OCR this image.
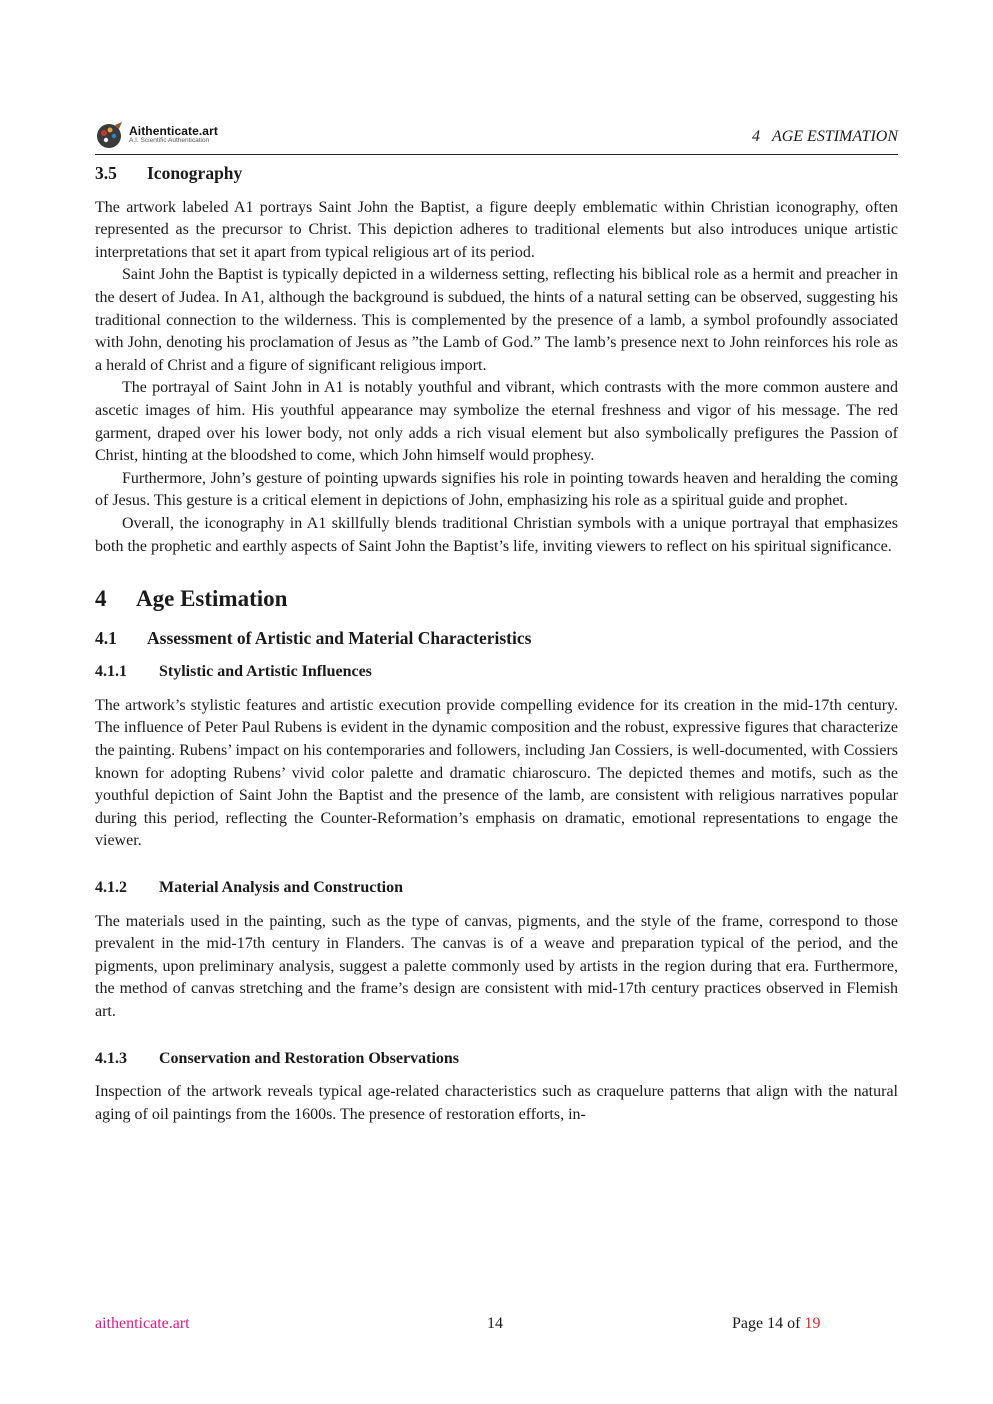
Aithenticate.art
A.I. Scientific Authentication	4 AGE ESTIMATION
3.5 Iconography

The artwork labeled A1 portrays Saint John the Baptist, a figure deeply emblematic within Christian iconography, often represented as the precursor to Christ. This depiction adheres to traditional elements but also introduces unique artistic interpretations that set it apart from typical religious art of its period.

Saint John the Baptist is typically depicted in a wilderness setting, reflecting his biblical role as a hermit and preacher in the desert of Judea. In A1, although the background is subdued, the hints of a natural setting can be observed, suggesting his traditional connection to the wilderness. This is complemented by the presence of a lamb, a symbol profoundly associated with John, denoting his proclamation of Jesus as ”the Lamb of God.” The lamb’s presence next to John reinforces his role as a herald of Christ and a figure of significant religious import.

The portrayal of Saint John in A1 is notably youthful and vibrant, which contrasts with the more common austere and ascetic images of him. His youthful appearance may symbolize the eternal freshness and vigor of his message. The red garment, draped over his lower body, not only adds a rich visual element but also symbolically prefigures the Passion of Christ, hinting at the bloodshed to come, which John himself would prophesy.

Furthermore, John’s gesture of pointing upwards signifies his role in pointing towards heaven and heralding the coming of Jesus. This gesture is a critical element in depictions of John, emphasizing his role as a spiritual guide and prophet.

Overall, the iconography in A1 skillfully blends traditional Christian symbols with a unique portrayal that emphasizes both the prophetic and earthly aspects of Saint John the Baptist’s life, inviting viewers to reflect on his spiritual significance.

4 Age Estimation
4.1 Assessment of Artistic and Material Characteristics
4.1.1 Stylistic and Artistic Influences

The artwork’s stylistic features and artistic execution provide compelling evidence for its creation in the mid-17th century. The influence of Peter Paul Rubens is evident in the dynamic composition and the robust, expressive figures that characterize the painting. Rubens’ impact on his contemporaries and followers, including Jan Cossiers, is well-documented, with Cossiers known for adopting Rubens’ vivid color palette and dramatic chiaroscuro. The depicted themes and motifs, such as the youthful depiction of Saint John the Baptist and the presence of the lamb, are consistent with religious narratives popular during this period, reflecting the Counter-Reformation’s emphasis on dramatic, emotional representations to engage the viewer.

4.1.2 Material Analysis and Construction

The materials used in the painting, such as the type of canvas, pigments, and the style of the frame, correspond to those prevalent in the mid-17th century in Flanders. The canvas is of a weave and preparation typical of the period, and the pigments, upon preliminary analysis, suggest a palette commonly used by artists in the region during that era. Furthermore, the method of canvas stretching and the frame’s design are consistent with mid-17th century practices observed in Flemish art.

4.1.3 Conservation and Restoration Observations

Inspection of the artwork reveals typical age-related characteristics such as craquelure patterns that align with the natural aging of oil paintings from the 1600s. The presence of restoration efforts, in-

aithenticate.art	14	Page 14 of 19
